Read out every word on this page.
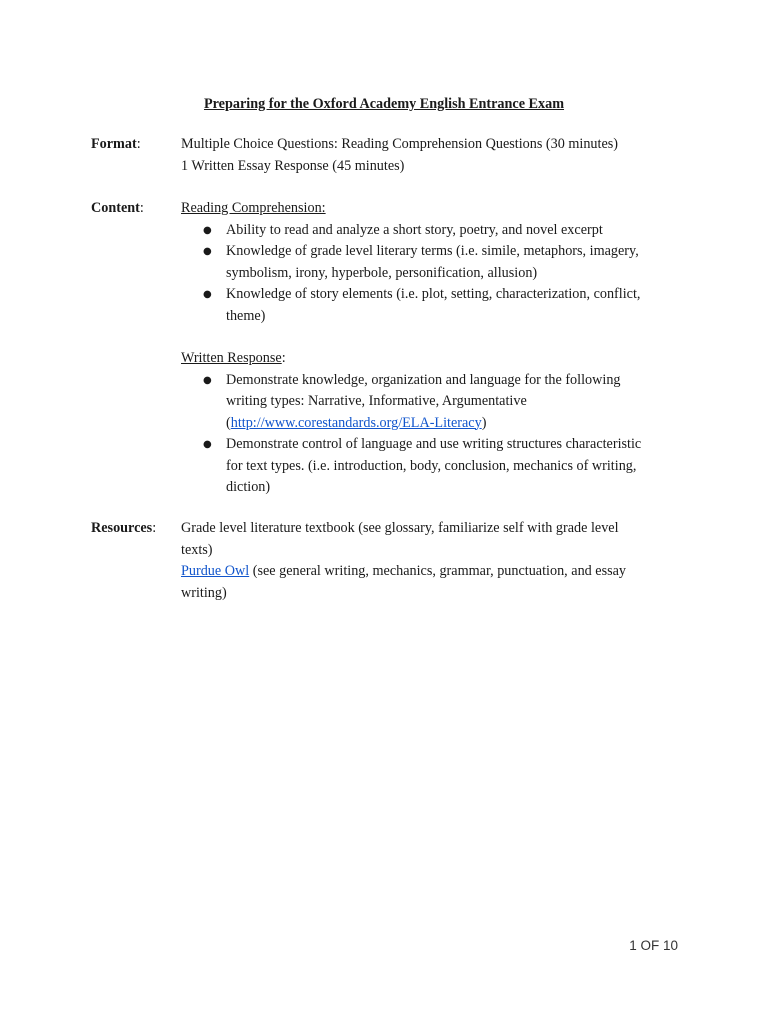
Preparing for the Oxford Academy English Entrance Exam
Format:	Multiple Choice Questions: Reading Comprehension Questions (30 minutes)
1 Written Essay Response (45 minutes)
Content:	Reading Comprehension:
● Ability to read and analyze a short story, poetry, and novel excerpt
● Knowledge of grade level literary terms (i.e. simile, metaphors, imagery,
symbolism, irony, hyperbole, personification, allusion)
● Knowledge of story elements (i.e. plot, setting, characterization, conflict,
theme)
Written Response:
● Demonstrate knowledge, organization and language for the following
writing types: Narrative, Informative, Argumentative
(http://www.corestandards.org/ELA-Literacy)
● Demonstrate control of language and use writing structures characteristic
for text types. (i.e. introduction, body, conclusion, mechanics of writing,
diction)
Resources:	Grade level literature textbook (see glossary, familiarize self with grade level
texts)
Purdue Owl (see general writing, mechanics, grammar, punctuation, and essay
writing)
1 OF 10
